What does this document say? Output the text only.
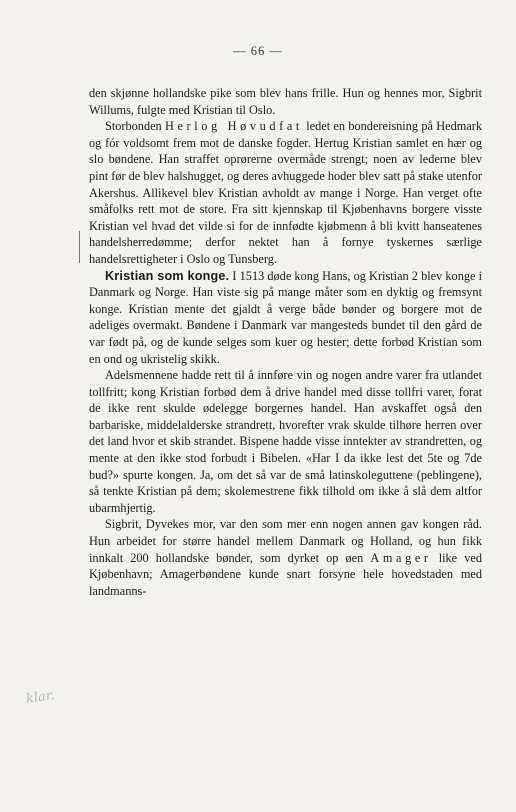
— 66 —

den skjønne hollandske pike som blev hans frille. Hun og hennes mor, Sigbrit Willums, fulgte med Kristian til Oslo.

Storbonden Herlog Høvudfat ledet en bondereisning på Hedmark og fór voldsomt frem mot de danske fogder. Hertug Kristian samlet en hær og slo bøndene. Han straffet oprørerne overmåde strengt; noen av lederne blev pint før de blev halshugget, og deres avhuggede hoder blev satt på stake utenfor Akershus. Allikevel blev Kristian avholdt av mange i Norge. Han verget ofte småfolks rett mot de store. Fra sitt kjennskap til Kjøbenhavns borgere visste Kristian vel hvad det vilde si for de innfødte kjøbmenn å bli kvitt hanseatenes handelsherredømme; derfor nektet han å fornye tyskernes særlige handelsrettigheter i Oslo og Tunsberg.

Kristian som konge. I 1513 døde kong Hans, og Kristian 2 blev konge i Danmark og Norge. Han viste sig på mange måter som en dyktig og fremsynt konge. Kristian mente det gjaldt å verge både bønder og borgere mot de adeliges overmakt. Bøndene i Danmark var mangesteds bundet til den gård de var født på, og de kunde selges som kuer og hester; dette forbød Kristian som en ond og ukristelig skikk.

Adelsmennene hadde rett til å innføre vin og nogen andre varer fra utlandet tollfritt; kong Kristian forbød dem å drive handel med disse tollfri varer, forat de ikke rent skulde ødelegge borgernes handel. Han avskaffet også den barbariske, middelalderske strandrett, hvorefter vrak skulde tilhøre herren over det land hvor et skib strandet. Bispene hadde visse inntekter av strandretten, og mente at den ikke stod forbudt i Bibelen. «Har I da ikke lest det 5te og 7de bud?» spurte kongen. Ja, om det så var de små latinskoleguttene (peblingene), så tenkte Kristian på dem; skolemestrene fikk tilhold om ikke å slå dem altfor ubarmhjertig.

Sigbrit, Dyvekes mor, var den som mer enn nogen annen gav kongen råd. Hun arbeidet for større handel mellem Danmark og Holland, og hun fikk innkalt 200 hollandske bønder, som dyrket op øen Amager like ved Kjøbenhavn; Amagerbøndene kunde snart forsyne hele hovedstaden med landmanns-

klar.
